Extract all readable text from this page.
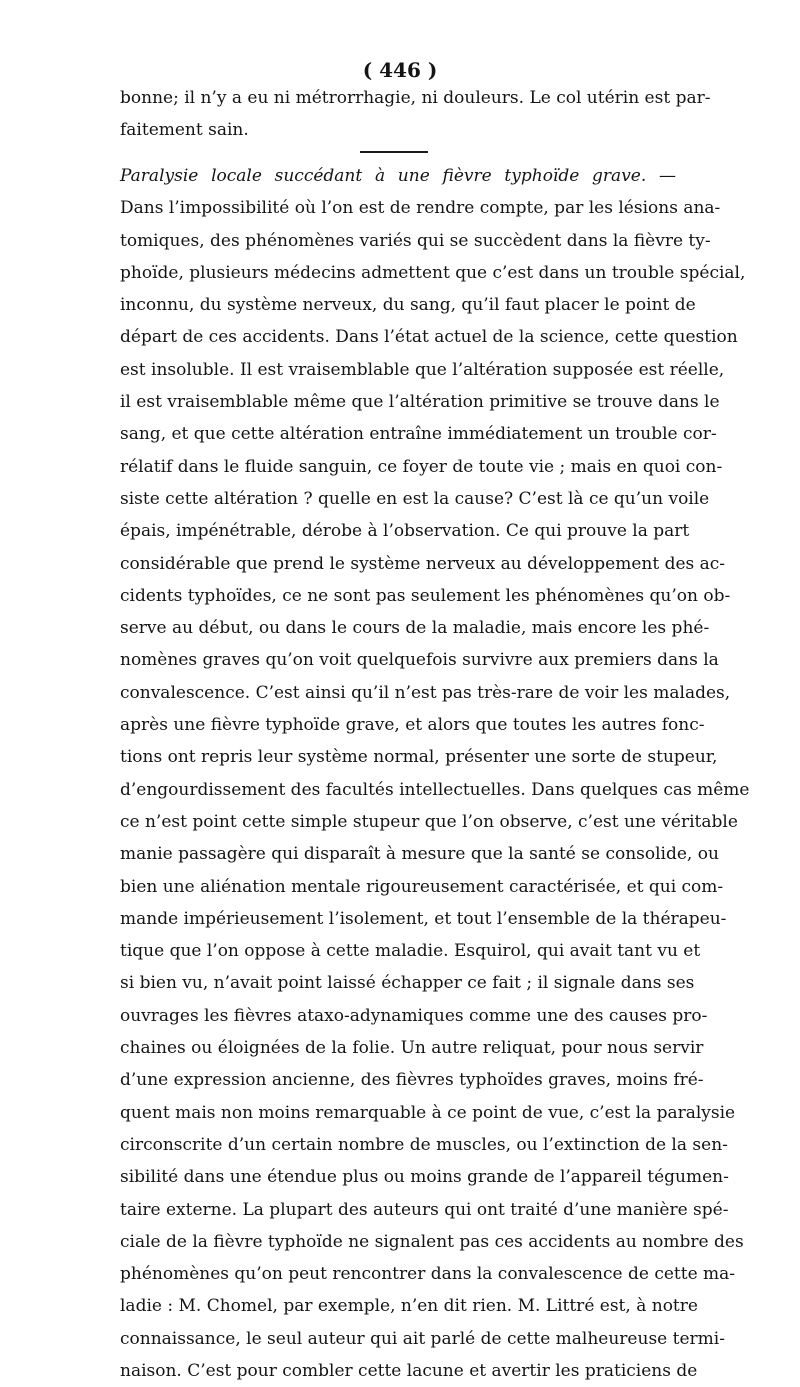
( 446 )
bonne; il n’y a eu ni métrorrhagie, ni douleurs. Le col utérin est par-
faitement sain.
Paralysie locale succédant à une fièvre typhoïde grave. —
Dans l’impossibilité où l’on est de rendre compte, par les lésions ana-
tomiques, des phénomènes variés qui se succèdent dans la fièvre ty-
phoïde, plusieurs médecins admettent que c’est dans un trouble spécial,
inconnu, du système nerveux, du sang, qu’il faut placer le point de
départ de ces accidents. Dans l’état actuel de la science, cette question
est insoluble. Il est vraisemblable que l’altération supposée est réelle,
il est vraisemblable même que l’altération primitive se trouve dans le
sang, et que cette altération entraîne immédiatement un trouble cor-
rélatif dans le fluide sanguin, ce foyer de toute vie ; mais en quoi con-
siste cette altération ? quelle en est la cause? C’est là ce qu’un voile
épais, impénétrable, dérobe à l’observation. Ce qui prouve la part
considérable que prend le système nerveux au développement des ac-
cidents typhoïdes, ce ne sont pas seulement les phénomènes qu’on ob-
serve au début, ou dans le cours de la maladie, mais encore les phé-
nomènes graves qu’on voit quelquefois survivre aux premiers dans la
convalescence. C’est ainsi qu’il n’est pas très-rare de voir les malades,
après une fièvre typhoïde grave, et alors que toutes les autres fonc-
tions ont repris leur système normal, présenter une sorte de stupeur,
d’engourdissement des facultés intellectuelles. Dans quelques cas même
ce n’est point cette simple stupeur que l’on observe, c’est une véritable
manie passagère qui disparaît à mesure que la santé se consolide, ou
bien une aliénation mentale rigoureusement caractérisée, et qui com-
mande impérieusement l’isolement, et tout l’ensemble de la thérapeu-
tique que l’on oppose à cette maladie. Esquirol, qui avait tant vu et
si bien vu, n’avait point laissé échapper ce fait ; il signale dans ses
ouvrages les fièvres ataxo-adynamiques comme une des causes pro-
chaines ou éloignées de la folie. Un autre reliquat, pour nous servir
d’une expression ancienne, des fièvres typhoïdes graves, moins fré-
quent mais non moins remarquable à ce point de vue, c’est la paralysie
circonscrite d’un certain nombre de muscles, ou l’extinction de la sen-
sibilité dans une étendue plus ou moins grande de l’appareil tégumen-
taire externe. La plupart des auteurs qui ont traité d’une manière spé-
ciale de la fièvre typhoïde ne signalent pas ces accidents au nombre des
phénomènes qu’on peut rencontrer dans la convalescence de cette ma-
ladie : M. Chomel, par exemple, n’en dit rien. M. Littré est, à notre
connaissance, le seul auteur qui ait parlé de cette malheureuse termi-
naison. C’est pour combler cette lacune et avertir les praticiens de
